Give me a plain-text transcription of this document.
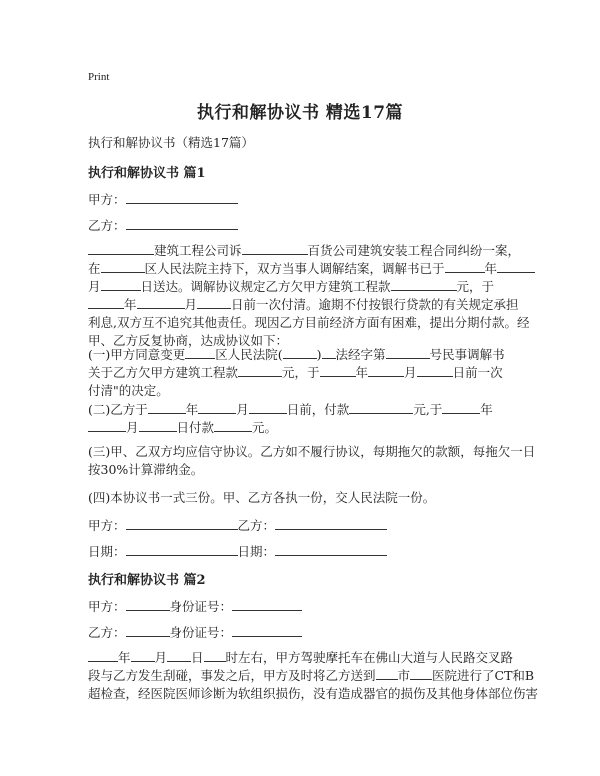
Print
执行和解协议书 精选17篇
执行和解协议书（精选17篇）
执行和解协议书 篇1
甲方：
乙方：
建筑工程公司诉	百货公司建筑安装工程合同纠纷一案，
在	区人民法院主持下，双方当事人调解结案，调解书已于	年
月	日送达。调解协议规定乙方欠甲方建筑工程款	元，于
年	月	日前一次付清。逾期不付按银行贷款的有关规定承担
利息,双方互不追究其他责任。现因乙方目前经济方面有困难，提出分期付款。经
甲、乙方反复协商，达成协议如下：
(一)甲方同意变更 区人民法院(	) 法经字第	号民事调解书
关于乙方欠甲方建筑工程款	元，于	年	月	日前一次
付清"的决定。
(二)乙方于	年	月	日前，付款	元,于	年
月	日付款	元。
(三)甲、乙双方均应信守协议。乙方如不履行协议，每期拖欠的款额，每拖欠一日
按30%计算滞纳金。
(四)本协议书一式三份。甲、乙方各执一份，交人民法院一份。
甲方：	乙方：
日期：	日期：
执行和解协议书 篇2
甲方：	身份证号：
乙方：	身份证号：
年 月 日 时左右，甲方驾驶摩托车在佛山大道与人民路交叉路
段与乙方发生刮碰，事发之后，甲方及时将乙方送到 市 医院进行了CT和B
超检查，经医院医师诊断为软组织损伤，没有造成器官的损伤及其他身体部位伤害
